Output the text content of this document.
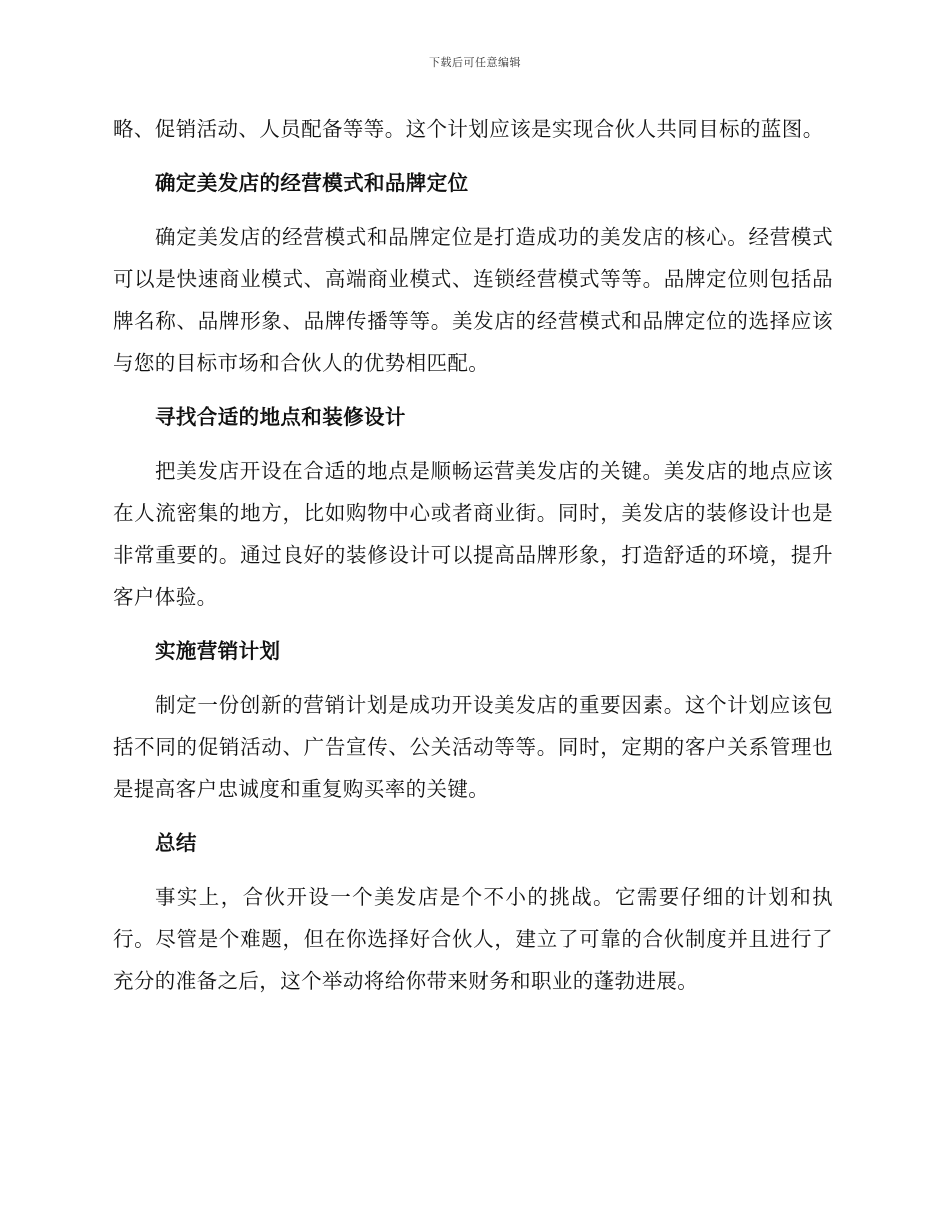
下载后可任意编辑

略、促销活动、人员配备等等。这个计划应该是实现合伙人共同目标的蓝图。

确定美发店的经营模式和品牌定位

确定美发店的经营模式和品牌定位是打造成功的美发店的核心。经营模式可以是快速商业模式、高端商业模式、连锁经营模式等等。品牌定位则包括品牌名称、品牌形象、品牌传播等等。美发店的经营模式和品牌定位的选择应该与您的目标市场和合伙人的优势相匹配。

寻找合适的地点和装修设计

把美发店开设在合适的地点是顺畅运营美发店的关键。美发店的地点应该在人流密集的地方，比如购物中心或者商业街。同时，美发店的装修设计也是非常重要的。通过良好的装修设计可以提高品牌形象，打造舒适的环境，提升客户体验。

实施营销计划

制定一份创新的营销计划是成功开设美发店的重要因素。这个计划应该包括不同的促销活动、广告宣传、公关活动等等。同时，定期的客户关系管理也是提高客户忠诚度和重复购买率的关键。

总结

事实上，合伙开设一个美发店是个不小的挑战。它需要仔细的计划和执行。尽管是个难题，但在你选择好合伙人，建立了可靠的合伙制度并且进行了充分的准备之后，这个举动将给你带来财务和职业的蓬勃进展。
